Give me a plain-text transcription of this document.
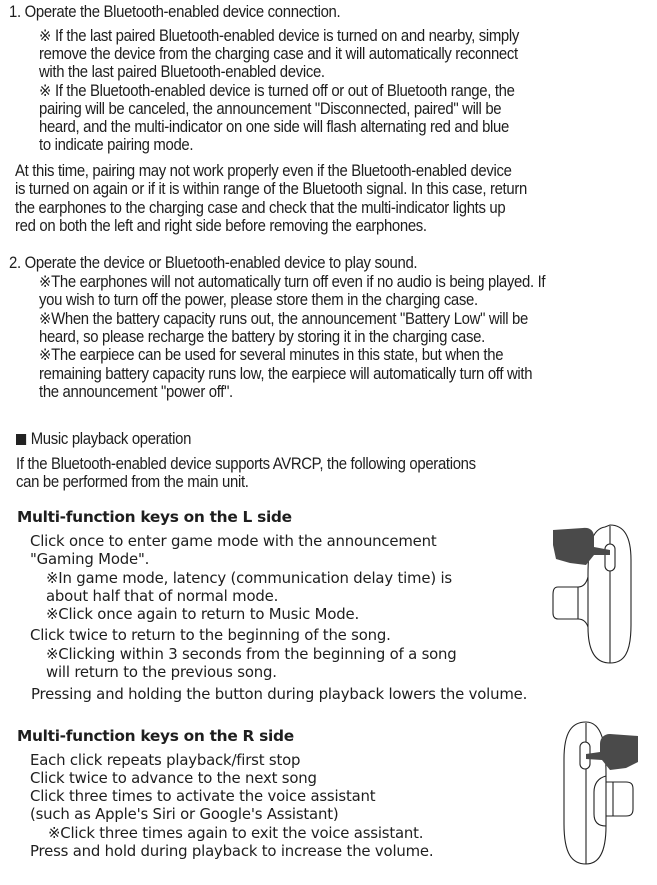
1. Operate the Bluetooth-enabled device connection.
※ If the last paired Bluetooth-enabled device is turned on and nearby, simply
remove the device from the charging case and it will automatically reconnect
with the last paired Bluetooth-enabled device.
※ If the Bluetooth-enabled device is turned off or out of Bluetooth range, the
pairing will be canceled, the announcement "Disconnected, paired" will be
heard, and the multi-indicator on one side will flash alternating red and blue
to indicate pairing mode.
At this time, pairing may not work properly even if the Bluetooth-enabled device
is turned on again or if it is within range of the Bluetooth signal. In this case, return
the earphones to the charging case and check that the multi-indicator lights up
red on both the left and right side before removing the earphones.
2. Operate the device or Bluetooth-enabled device to play sound.
※The earphones will not automatically turn off even if no audio is being played. If
you wish to turn off the power, please store them in the charging case.
※When the battery capacity runs out, the announcement "Battery Low" will be
heard, so please recharge the battery by storing it in the charging case.
※The earpiece can be used for several minutes in this state, but when the
remaining battery capacity runs low, the earpiece will automatically turn off with
the announcement "power off".
Music playback operation
If the Bluetooth-enabled device supports AVRCP, the following operations
can be performed from the main unit.
Multi-function keys on the L side
Click once to enter game mode with the announcement
"Gaming Mode".
※In game mode, latency (communication delay time) is
about half that of normal mode.
※Click once again to return to Music Mode.
Click twice to return to the beginning of the song.
※Clicking within 3 seconds from the beginning of a song
will return to the previous song.
Pressing and holding the button during playback lowers the volume.
Multi-function keys on the R side
Each click repeats playback/first stop
Click twice to advance to the next song
Click three times to activate the voice assistant
(such as Apple's Siri or Google's Assistant)
※Click three times again to exit the voice assistant.
Press and hold during playback to increase the volume.
